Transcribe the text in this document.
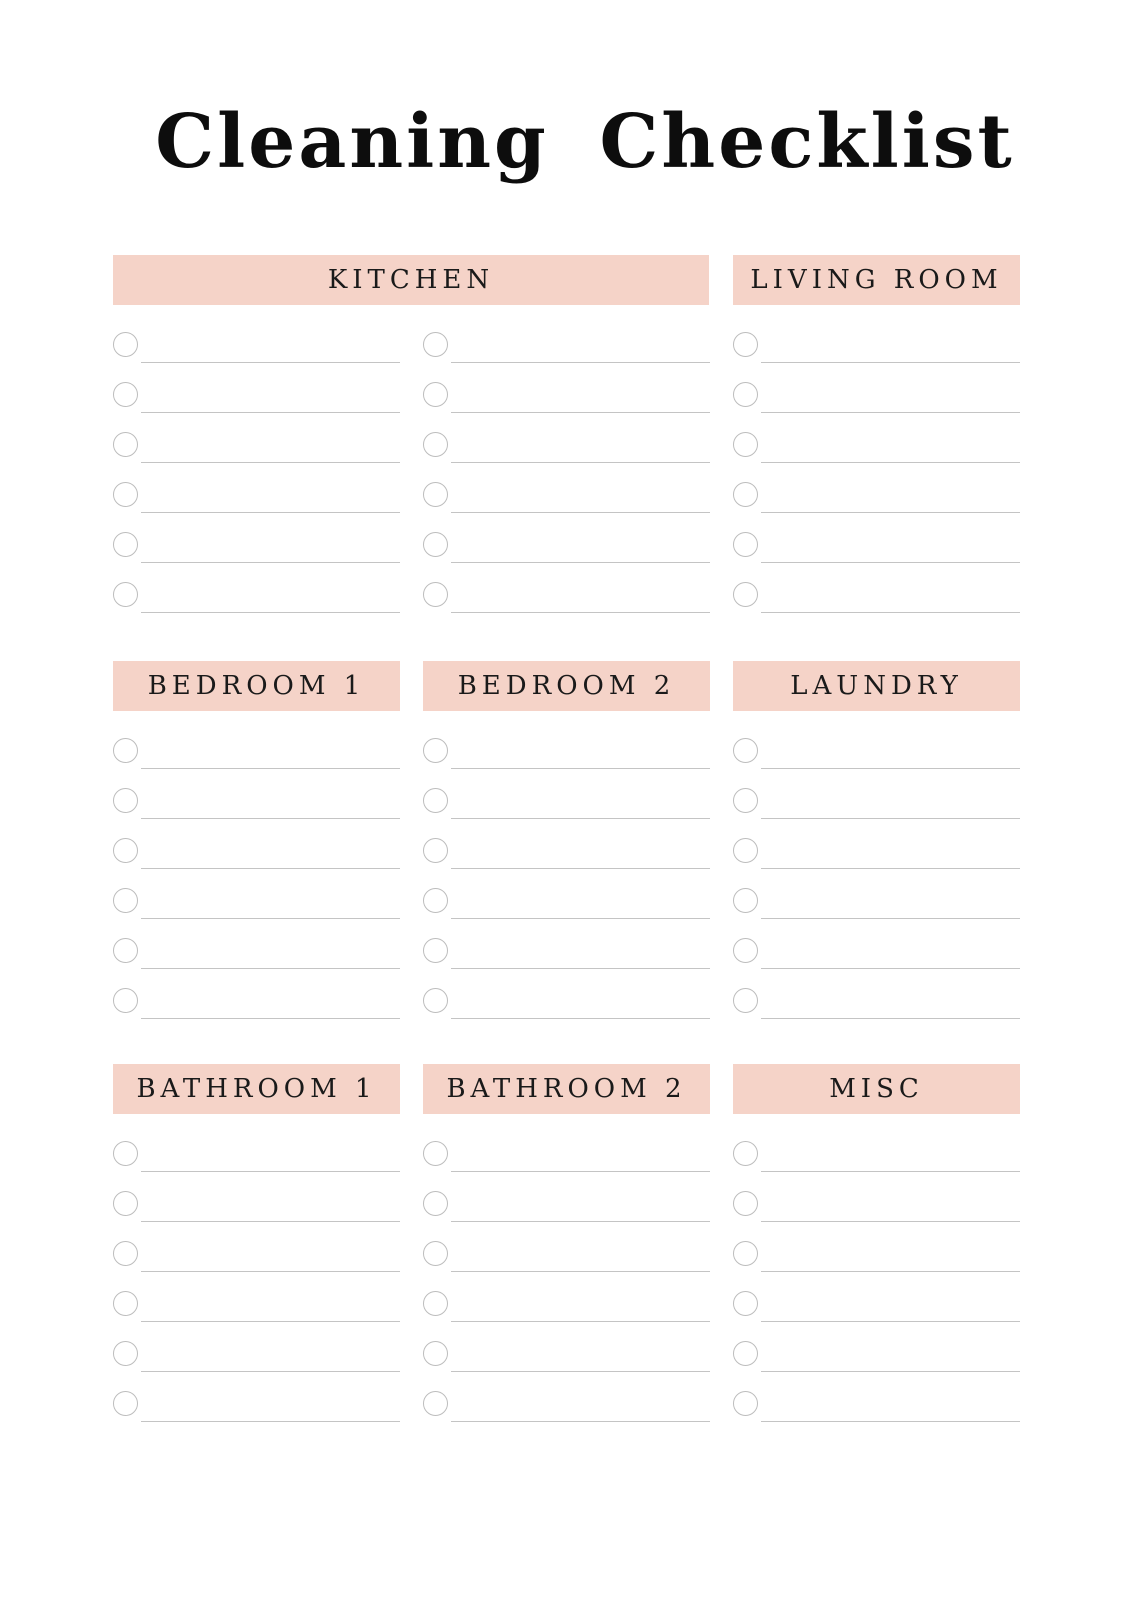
Cleaning Checklist
KITCHEN	LIVING ROOM
BEDROOM 1	BEDROOM 2	LAUNDRY
BATHROOM 1	BATHROOM 2	MISC
